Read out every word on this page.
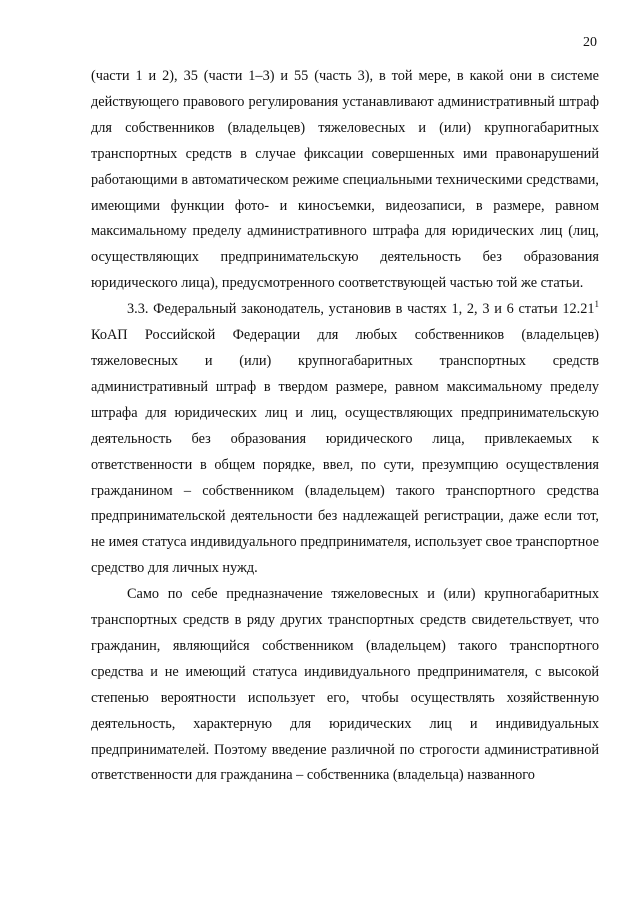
20

(части 1 и 2), 35 (части 1–3) и 55 (часть 3), в той мере, в какой они в системе действующего правового регулирования устанавливают административный штраф для собственников (владельцев) тяжеловесных и (или) крупногабаритных транспортных средств в случае фиксации совершенных ими правонарушений работающими в автоматическом режиме специальными техническими средствами, имеющими функции фото- и киносъемки, видеозаписи, в размере, равном максимальному пределу административного штрафа для юридических лиц (лиц, осуществляющих предпринимательскую деятельность без образования юридического лица), предусмотренного соответствующей частью той же статьи.

3.3. Федеральный законодатель, установив в частях 1, 2, 3 и 6 статьи 12.21$^1$ КоАП Российской Федерации для любых собственников (владельцев) тяжеловесных и (или) крупногабаритных транспортных средств административный штраф в твердом размере, равном максимальному пределу штрафа для юридических лиц и лиц, осуществляющих предпринимательскую деятельность без образования юридического лица, привлекаемых к ответственности в общем порядке, ввел, по сути, презумпцию осуществления гражданином – собственником (владельцем) такого транспортного средства предпринимательской деятельности без надлежащей регистрации, даже если тот, не имея статуса индивидуального предпринимателя, использует свое транспортное средство для личных нужд.

Само по себе предназначение тяжеловесных и (или) крупногабаритных транспортных средств в ряду других транспортных средств свидетельствует, что гражданин, являющийся собственником (владельцем) такого транспортного средства и не имеющий статуса индивидуального предпринимателя, с высокой степенью вероятности использует его, чтобы осуществлять хозяйственную деятельность, характерную для юридических лиц и индивидуальных предпринимателей. Поэтому введение различной по строгости административной ответственности для гражданина – собственника (владельца) названного
